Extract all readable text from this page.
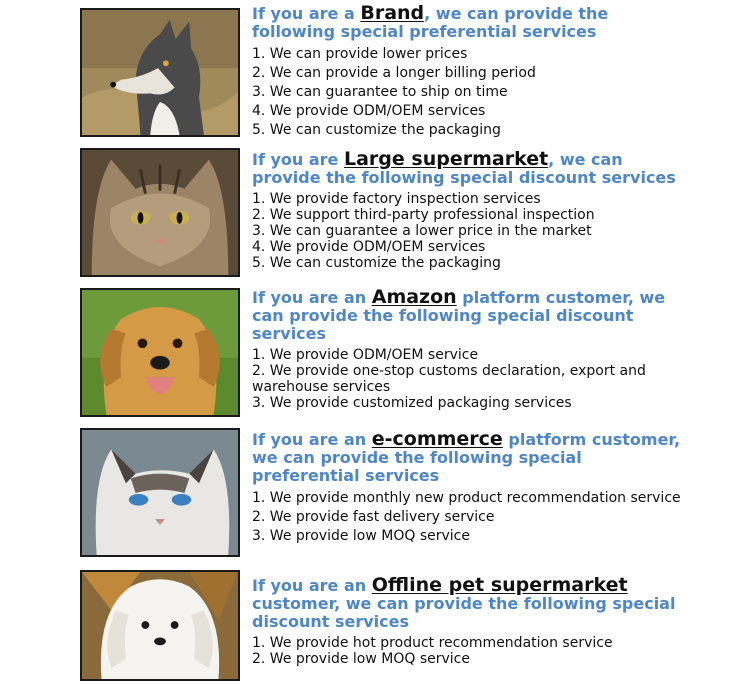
If you are a Brand, we can provide the following special preferential services

1. We can provide lower prices
2. We can provide a longer billing period
3. We can guarantee to ship on time
4. We provide ODM/OEM services
5. We can customize the packaging

If you are Large supermarket, we can provide the following special discount services

1. We provide factory inspection services
2. We support third-party professional inspection
3. We can guarantee a lower price in the market
4. We provide ODM/OEM services
5. We can customize the packaging

If you are an Amazon platform customer, we can provide the following special discount services

1. We provide ODM/OEM service
2. We provide one-stop customs declaration, export and warehouse services
3. We provide customized packaging services

If you are an e-commerce platform customer, we can provide the following special preferential services

1. We provide monthly new product recommendation service
2. We provide fast delivery service
3. We provide low MOQ service

If you are an Offline pet supermarket customer, we can provide the following special discount services

1. We provide hot product recommendation service
2. We provide low MOQ service
